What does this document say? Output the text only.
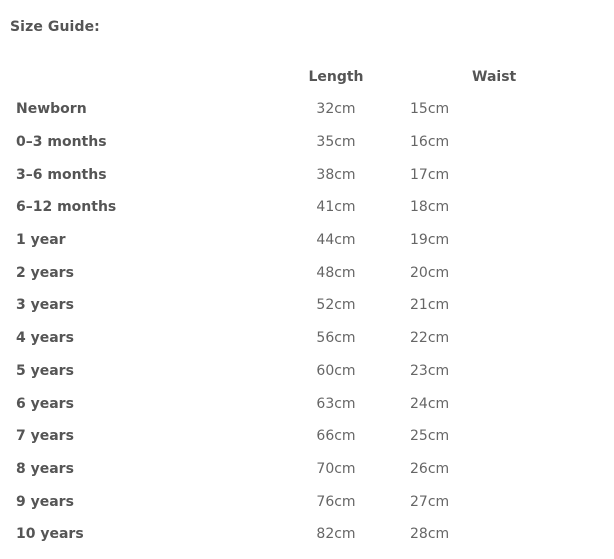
Size Guide:
	Length	Waist
Newborn	32cm	15cm
0–3 months	35cm	16cm
3–6 months	38cm	17cm
6–12 months	41cm	18cm
1 year	44cm	19cm
2 years	48cm	20cm
3 years	52cm	21cm
4 years	56cm	22cm
5 years	60cm	23cm
6 years	63cm	24cm
7 years	66cm	25cm
8 years	70cm	26cm
9 years	76cm	27cm
10 years	82cm	28cm
